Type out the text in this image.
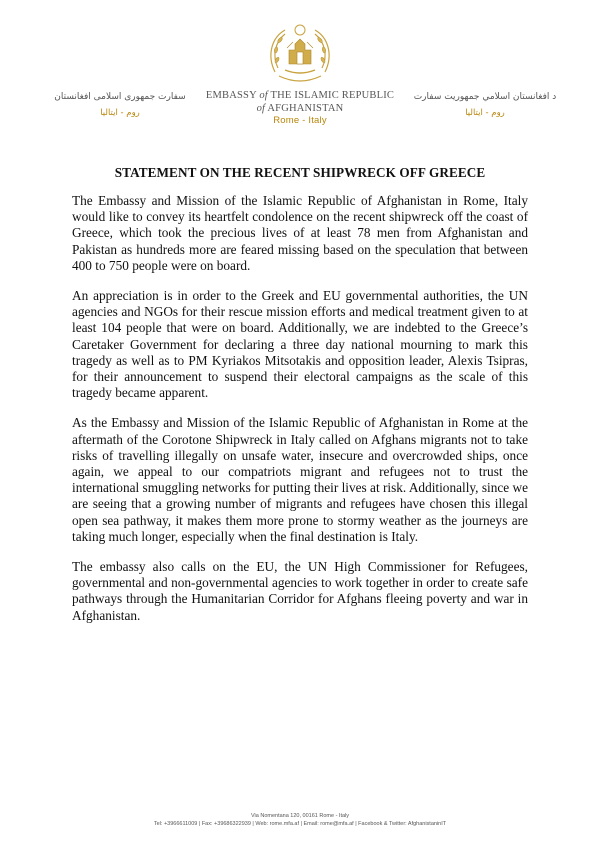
سفارت جمهوری اسلامی افغانستان
روم - ایتالیا
EMBASSY of THE ISLAMIC REPUBLIC
of AFGHANISTAN
Rome - Italy
د افغانستان اسلامي جمهوریت سفارت
روم - ایتالیا
STATEMENT ON THE RECENT SHIPWRECK OFF GREECE

The Embassy and Mission of the Islamic Republic of Afghanistan in Rome, Italy would like to convey its heartfelt condolence on the recent shipwreck off the coast of Greece, which took the precious lives of at least 78 men from Afghanistan and Pakistan as hundreds more are feared missing based on the speculation that between 400 to 750 people were on board.

An appreciation is in order to the Greek and EU governmental authorities, the UN agencies and NGOs for their rescue mission efforts and medical treatment given to at least 104 people that were on board. Additionally, we are indebted to the Greece’s Caretaker Government for declaring a three day national mourning to mark this tragedy as well as to PM Kyriakos Mitsotakis and opposition leader, Alexis Tsipras, for their announcement to suspend their electoral campaigns as the scale of this tragedy became apparent.

As the Embassy and Mission of the Islamic Republic of Afghanistan in Rome at the aftermath of the Corotone Shipwreck in Italy called on Afghans migrants not to take risks of travelling illegally on unsafe water, insecure and overcrowded ships, once again, we appeal to our compatriots migrant and refugees not to trust the international smuggling networks for putting their lives at risk. Additionally, since we are seeing that a growing number of migrants and refugees have chosen this illegal open sea pathway, it makes them more prone to stormy weather as the journeys are taking much longer, especially when the final destination is Italy.

The embassy also calls on the EU, the UN High Commissioner for Refugees, governmental and non-governmental agencies to work together in order to create safe pathways through the Humanitarian Corridor for Afghans fleeing poverty and war in Afghanistan.

Via Nomentana 120, 00161 Rome - Italy
Tel: +3966611009 | Fax: +39686322939 | Web: rome.mfa.af | Email: rome@mfa.af | Facebook & Twitter: AfghanistaninIT
